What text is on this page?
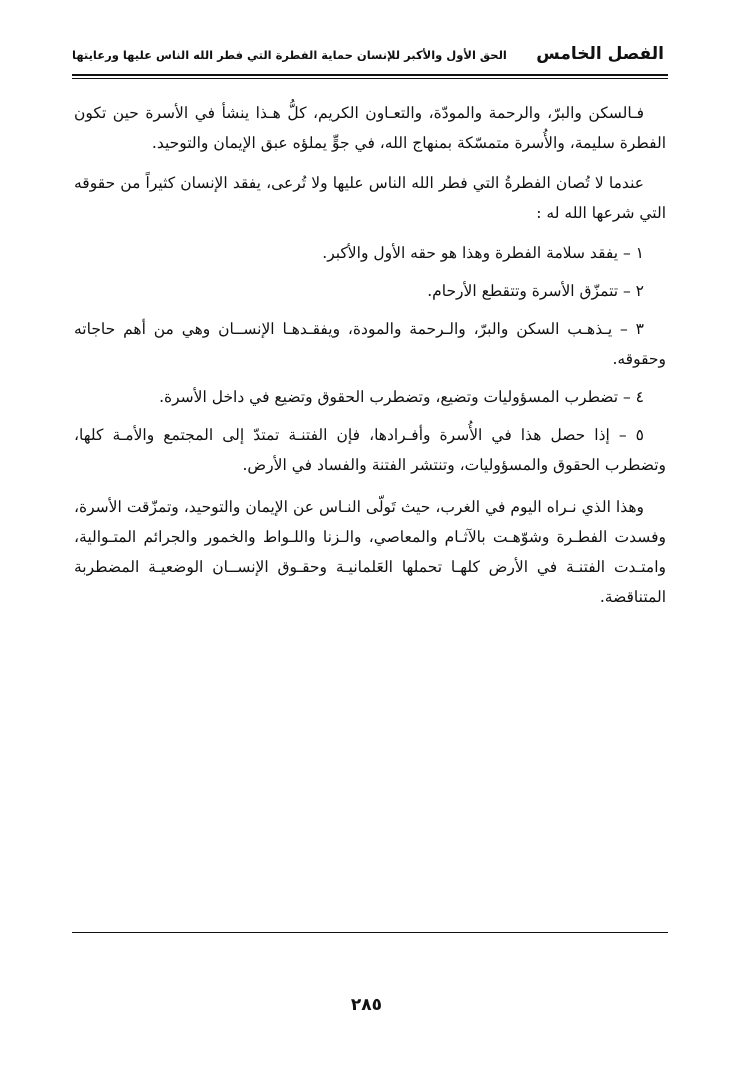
الفصل الخامس
الحق الأول والأكبر للإنسان حماية الفطرة التي فطر الله الناس عليها ورعايتها

فـالسكن والبرّ، والرحمة والمودّة، والتعـاون الكريم، كلُّ هـذا ينشأ في الأسرة حين تكون الفطرة سليمة، والأُسرة متمسّكة بمنهاج الله، في جوٍّ يملؤه عبق الإيمان والتوحيد.

عندما لا تُصان الفطرةُ التي فطر الله الناس عليها ولا تُرعى، يفقد الإنسان كثيراً من حقوقه التي شرعها الله له :

١ – يفقد سلامة الفطرة وهذا هو حقه الأول والأكبر.

٢ – تتمزّق الأسرة وتتقطع الأرحام.

٣ – يـذهـب السكن والبرّ، والـرحمة والمودة، ويفقـدهـا الإنســان وهي من أهم حاجاته وحقوقه.

٤ – تضطرب المسؤوليات وتضيع، وتضطرب الحقوق وتضيع في داخل الأسرة.

٥ – إذا حصل هذا في الأُسرة وأفـرادها، فإن الفتنـة تمتدّ إلى المجتمع والأمـة كلها، وتضطرب الحقوق والمسؤوليات، وتنتشر الفتنة والفساد في الأرض.

وهذا الذي نـراه اليوم في الغرب، حيث تَولّى النـاس عن الإيمان والتوحيد، وتمزّقت الأسرة، وفسدت الفطـرة وشوّهـت بالآثـام والمعاصي، والـزنا واللـواط والخمور والجرائم المتـوالية، وامتـدت الفتنـة في الأرض كلهـا تحملها العَلمانيـة وحقـوق الإنســان الوضعيـة المضطربة المتناقضة.

٢٨٥
